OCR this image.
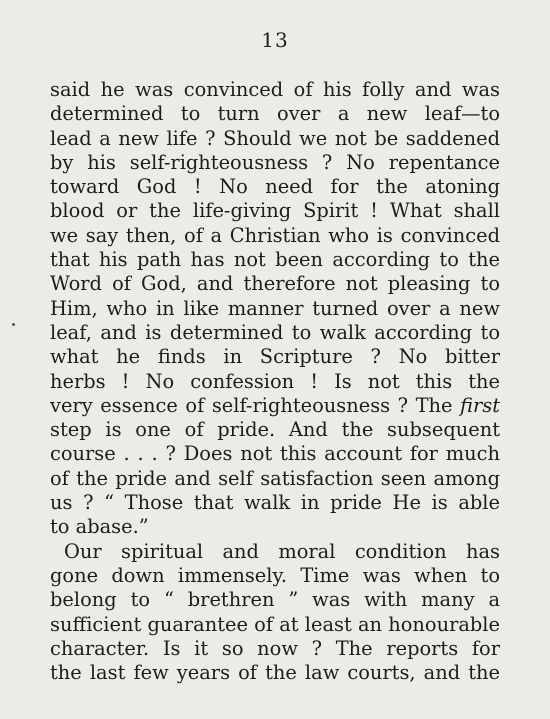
13
said he was convinced of his folly and was
determined to turn over a new leaf—to
lead a new life ? Should we not be saddened
by his self-righteousness ? No repentance
toward God ! No need for the atoning
blood or the life-giving Spirit ! What shall
we say then, of a Christian who is convinced
that his path has not been according to the
Word of God, and therefore not pleasing to
Him, who in like manner turned over a new
leaf, and is determined to walk according to
what he finds in Scripture ? No bitter
herbs ! No confession ! Is not this the
very essence of self-righteousness ? The first
step is one of pride. And the subsequent
course . . . ? Does not this account for much
of the pride and self satisfaction seen among
us ? “ Those that walk in pride He is able
to abase.”
Our spiritual and moral condition has
gone down immensely. Time was when to
belong to “ brethren ” was with many a
sufficient guarantee of at least an honourable
character. Is it so now ? The reports for
the last few years of the law courts, and the
